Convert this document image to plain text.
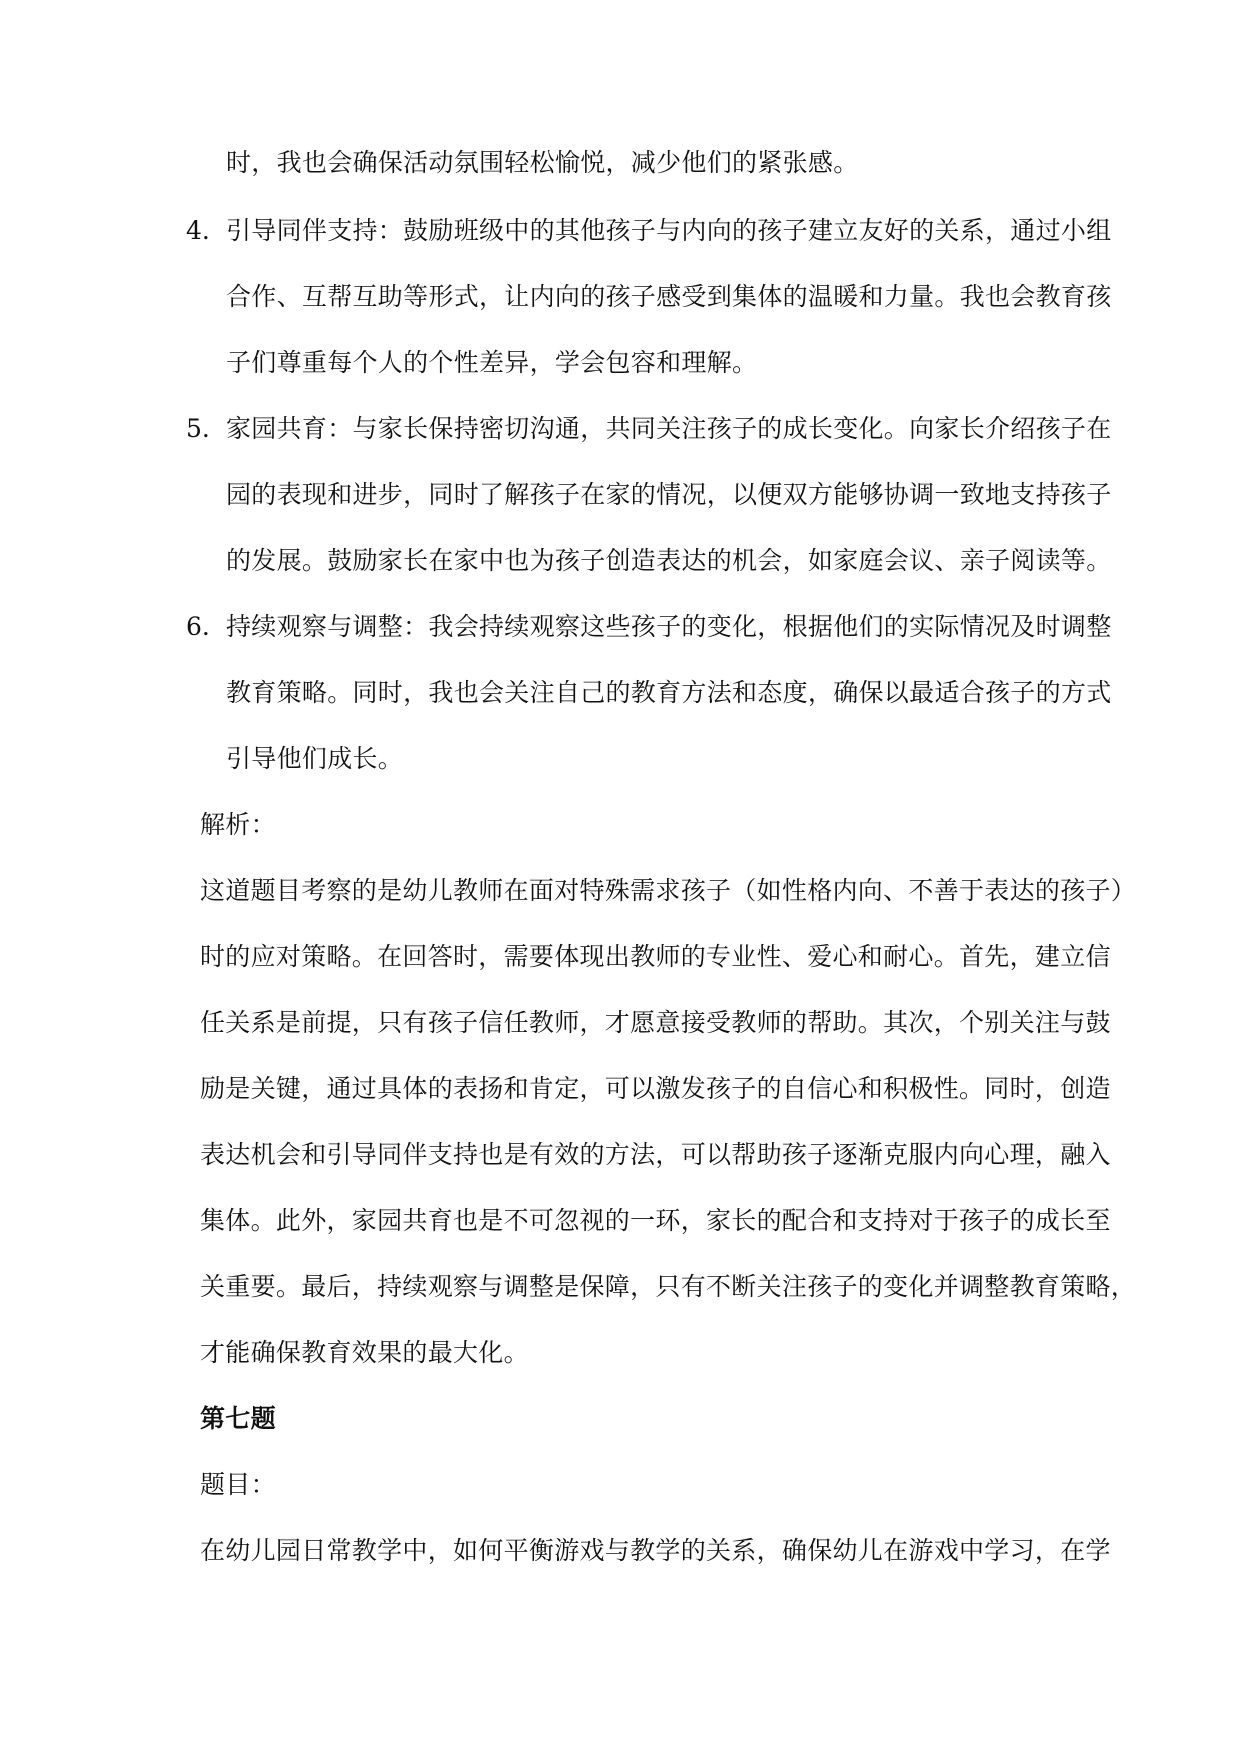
时，我也会确保活动氛围轻松愉悦，减少他们的紧张感。
4. 引导同伴支持：鼓励班级中的其他孩子与内向的孩子建立友好的关系，通过小组
合作、互帮互助等形式，让内向的孩子感受到集体的温暖和力量。我也会教育孩
子们尊重每个人的个性差异，学会包容和理解。
5. 家园共育：与家长保持密切沟通，共同关注孩子的成长变化。向家长介绍孩子在
园的表现和进步，同时了解孩子在家的情况，以便双方能够协调一致地支持孩子
的发展。鼓励家长在家中也为孩子创造表达的机会，如家庭会议、亲子阅读等。
6. 持续观察与调整：我会持续观察这些孩子的变化，根据他们的实际情况及时调整
教育策略。同时，我也会关注自己的教育方法和态度，确保以最适合孩子的方式
引导他们成长。
解析：
这道题目考察的是幼儿教师在面对特殊需求孩子（如性格内向、不善于表达的孩子）
时的应对策略。在回答时，需要体现出教师的专业性、爱心和耐心。首先，建立信
任关系是前提，只有孩子信任教师，才愿意接受教师的帮助。其次，个别关注与鼓
励是关键，通过具体的表扬和肯定，可以激发孩子的自信心和积极性。同时，创造
表达机会和引导同伴支持也是有效的方法，可以帮助孩子逐渐克服内向心理，融入
集体。此外，家园共育也是不可忽视的一环，家长的配合和支持对于孩子的成长至
关重要。最后，持续观察与调整是保障，只有不断关注孩子的变化并调整教育策略，
才能确保教育效果的最大化。
第七题
题目：
在幼儿园日常教学中，如何平衡游戏与教学的关系，确保幼儿在游戏中学习，在学
